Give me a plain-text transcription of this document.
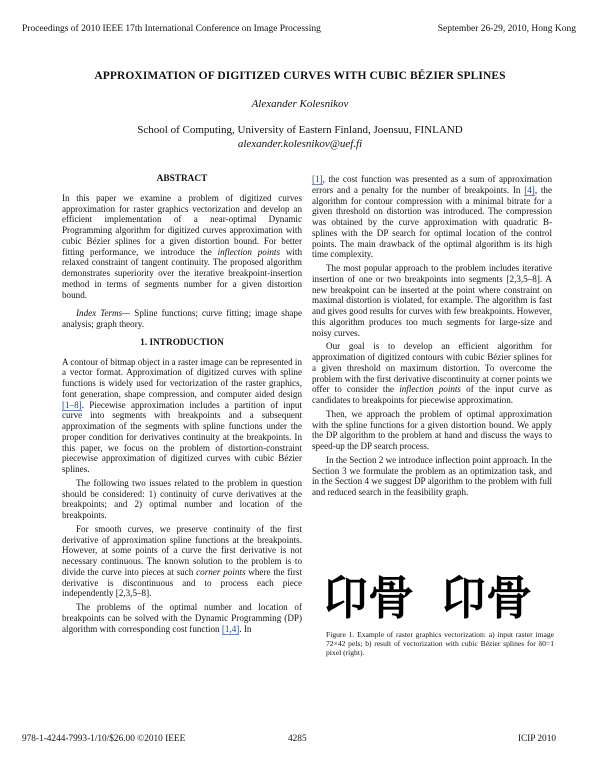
Proceedings of 2010 IEEE 17th International Conference on Image Processing	September 26-29, 2010, Hong Kong
APPROXIMATION OF DIGITIZED CURVES WITH CUBIC BÉZIER SPLINES
Alexander Kolesnikov
School of Computing, University of Eastern Finland, Joensuu, FINLAND
alexander.kolesnikov@uef.fi
ABSTRACT

In this paper we examine a problem of digitized curves approximation for raster graphics vectorization and develop an efficient implementation of a near-optimal Dynamic Programming algorithm for digitized curves approximation with cubic Bézier splines for a given distortion bound. For better fitting performance, we introduce the inflection points with relaxed constraint of tangent continuity. The proposed algorithm demonstrates superiority over the iterative breakpoint-insertion method in terms of segments number for a given distortion bound.

Index Terms— Spline functions; curve fitting; image shape analysis; graph theory.

1. INTRODUCTION

A contour of bitmap object in a raster image can be represented in a vector format. Approximation of digitized curves with spline functions is widely used for vectorization of the raster graphics, font generation, shape compression, and computer aided design [1–8]. Piecewise approximation includes a partition of input curve into segments with breakpoints and a subsequent approximation of the segments with spline functions under the proper condition for derivatives continuity at the breakpoints. In this paper, we focus on the problem of distortion-constraint piecewise approximation of digitized curves with cubic Bézier splines.

The following two issues related to the problem in question should be considered: 1) continuity of curve derivatives at the breakpoints; and 2) optimal number and location of the breakpoints.

For smooth curves, we preserve continuity of the first derivative of approximation spline functions at the breakpoints. However, at some points of a curve the first derivative is not necessary continuous. The known solution to the problem is to divide the curve into pieces at such corner points where the first derivative is discontinuous and to process each piece independently [2,3,5–8].

The problems of the optimal number and location of breakpoints can be solved with the Dynamic Programming (DP) algorithm with corresponding cost function [1,4]. In

[1], the cost function was presented as a sum of approximation errors and a penalty for the number of breakpoints. In [4], the algorithm for contour compression with a minimal bitrate for a given threshold on distortion was introduced. The compression was obtained by the curve approximation with quadratic B-splines with the DP search for optimal location of the control points. The main drawback of the optimal algorithm is its high time complexity.

The most popular approach to the problem includes iterative insertion of one or two breakpoints into segments [2,3,5–8]. A new breakpoint can be inserted at the point where constraint on maximal distortion is violated, for example. The algorithm is fast and gives good results for curves with few breakpoints. However, this algorithm produces too much segments for large-size and noisy curves.

Our goal is to develop an efficient algorithm for approximation of digitized contours with cubic Bézier splines for a given threshold on maximum distortion. To overcome the problem with the first derivative discontinuity at corner points we offer to consider the inflection points of the input curve as candidates to breakpoints for piecewise approximation.

Then, we approach the problem of optimal approximation with the spline functions for a given distortion bound. We apply the DP algorithm to the problem at hand and discuss the ways to speed-up the DP search process.

In the Section 2 we introduce inflection point approach. In the Section 3 we formulate the problem as an optimization task, and in the Section 4 we suggest DP algorithm to the problem with full and reduced search in the feasibility graph.

卬骨 卬骨
Figure 1. Example of raster graphics vectorization: a) input raster image 72×42 pels; b) result of vectorization with cubic Bézier splines for δ0=1 pixel (right).
978-1-4244-7993-1/10/$26.00 ©2010 IEEE	4285	ICIP 2010
